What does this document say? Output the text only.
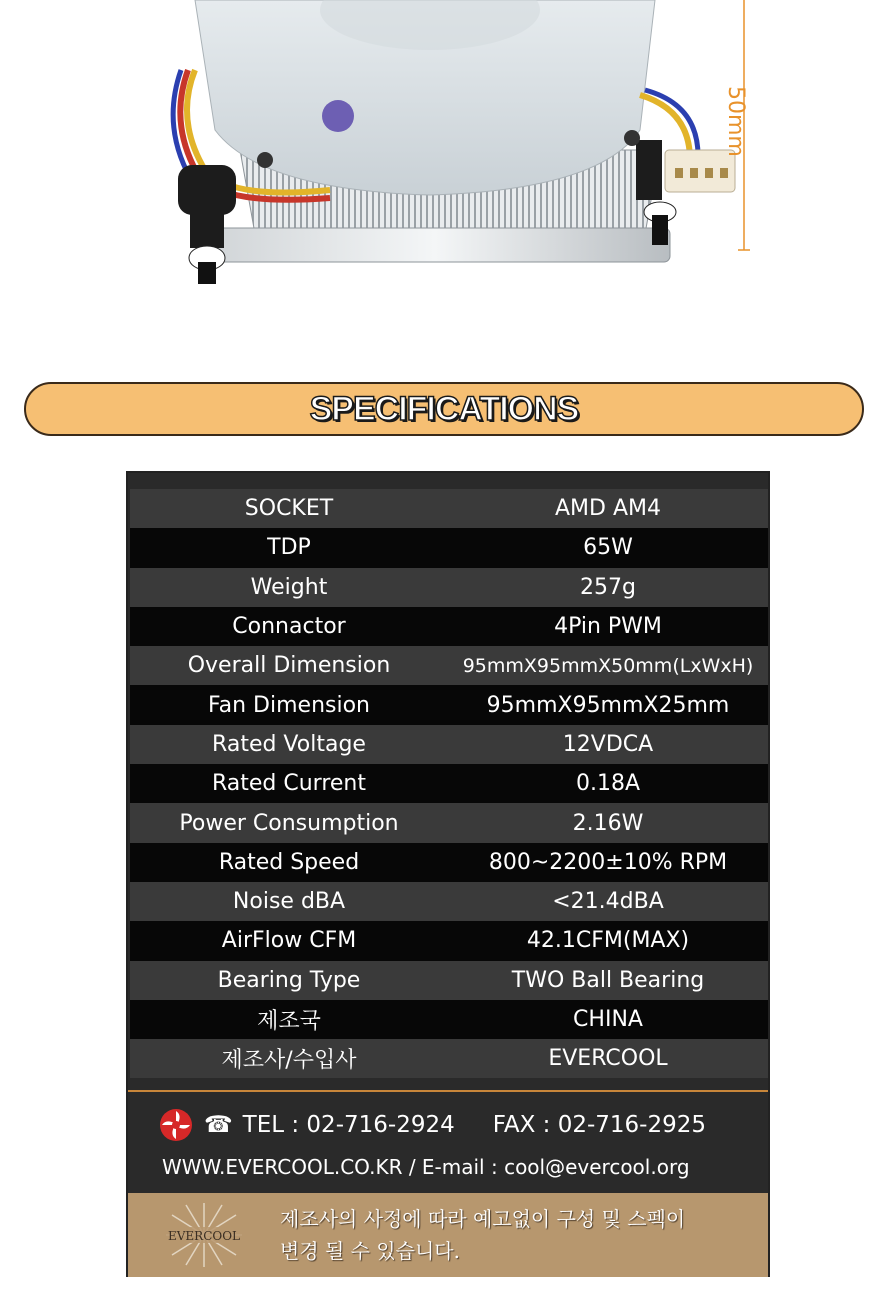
50mm
SPECIFICATIONS
SOCKET	AMD AM4
TDP	65W
Weight	257g
Connactor	4Pin PWM
Overall Dimension	95mmX95mmX50mm(LxWxH)
Fan Dimension	95mmX95mmX25mm
Rated Voltage	12VDCA
Rated Current	0.18A
Power Consumption	2.16W
Rated Speed	800~2200±10% RPM
Noise dBA	<21.4dBA
AirFlow CFM	42.1CFM(MAX)
Bearing Type	TWO Ball Bearing
제조국	CHINA
제조사/수입사	EVERCOOL
☎ TEL : 02-716-2924 FAX : 02-716-2925
WWW.EVERCOOL.CO.KR / E-mail : cool@evercool.org
EVERCOOL
제조사의 사정에 따라 예고없이 구성 및 스펙이
변경 될 수 있습니다.
